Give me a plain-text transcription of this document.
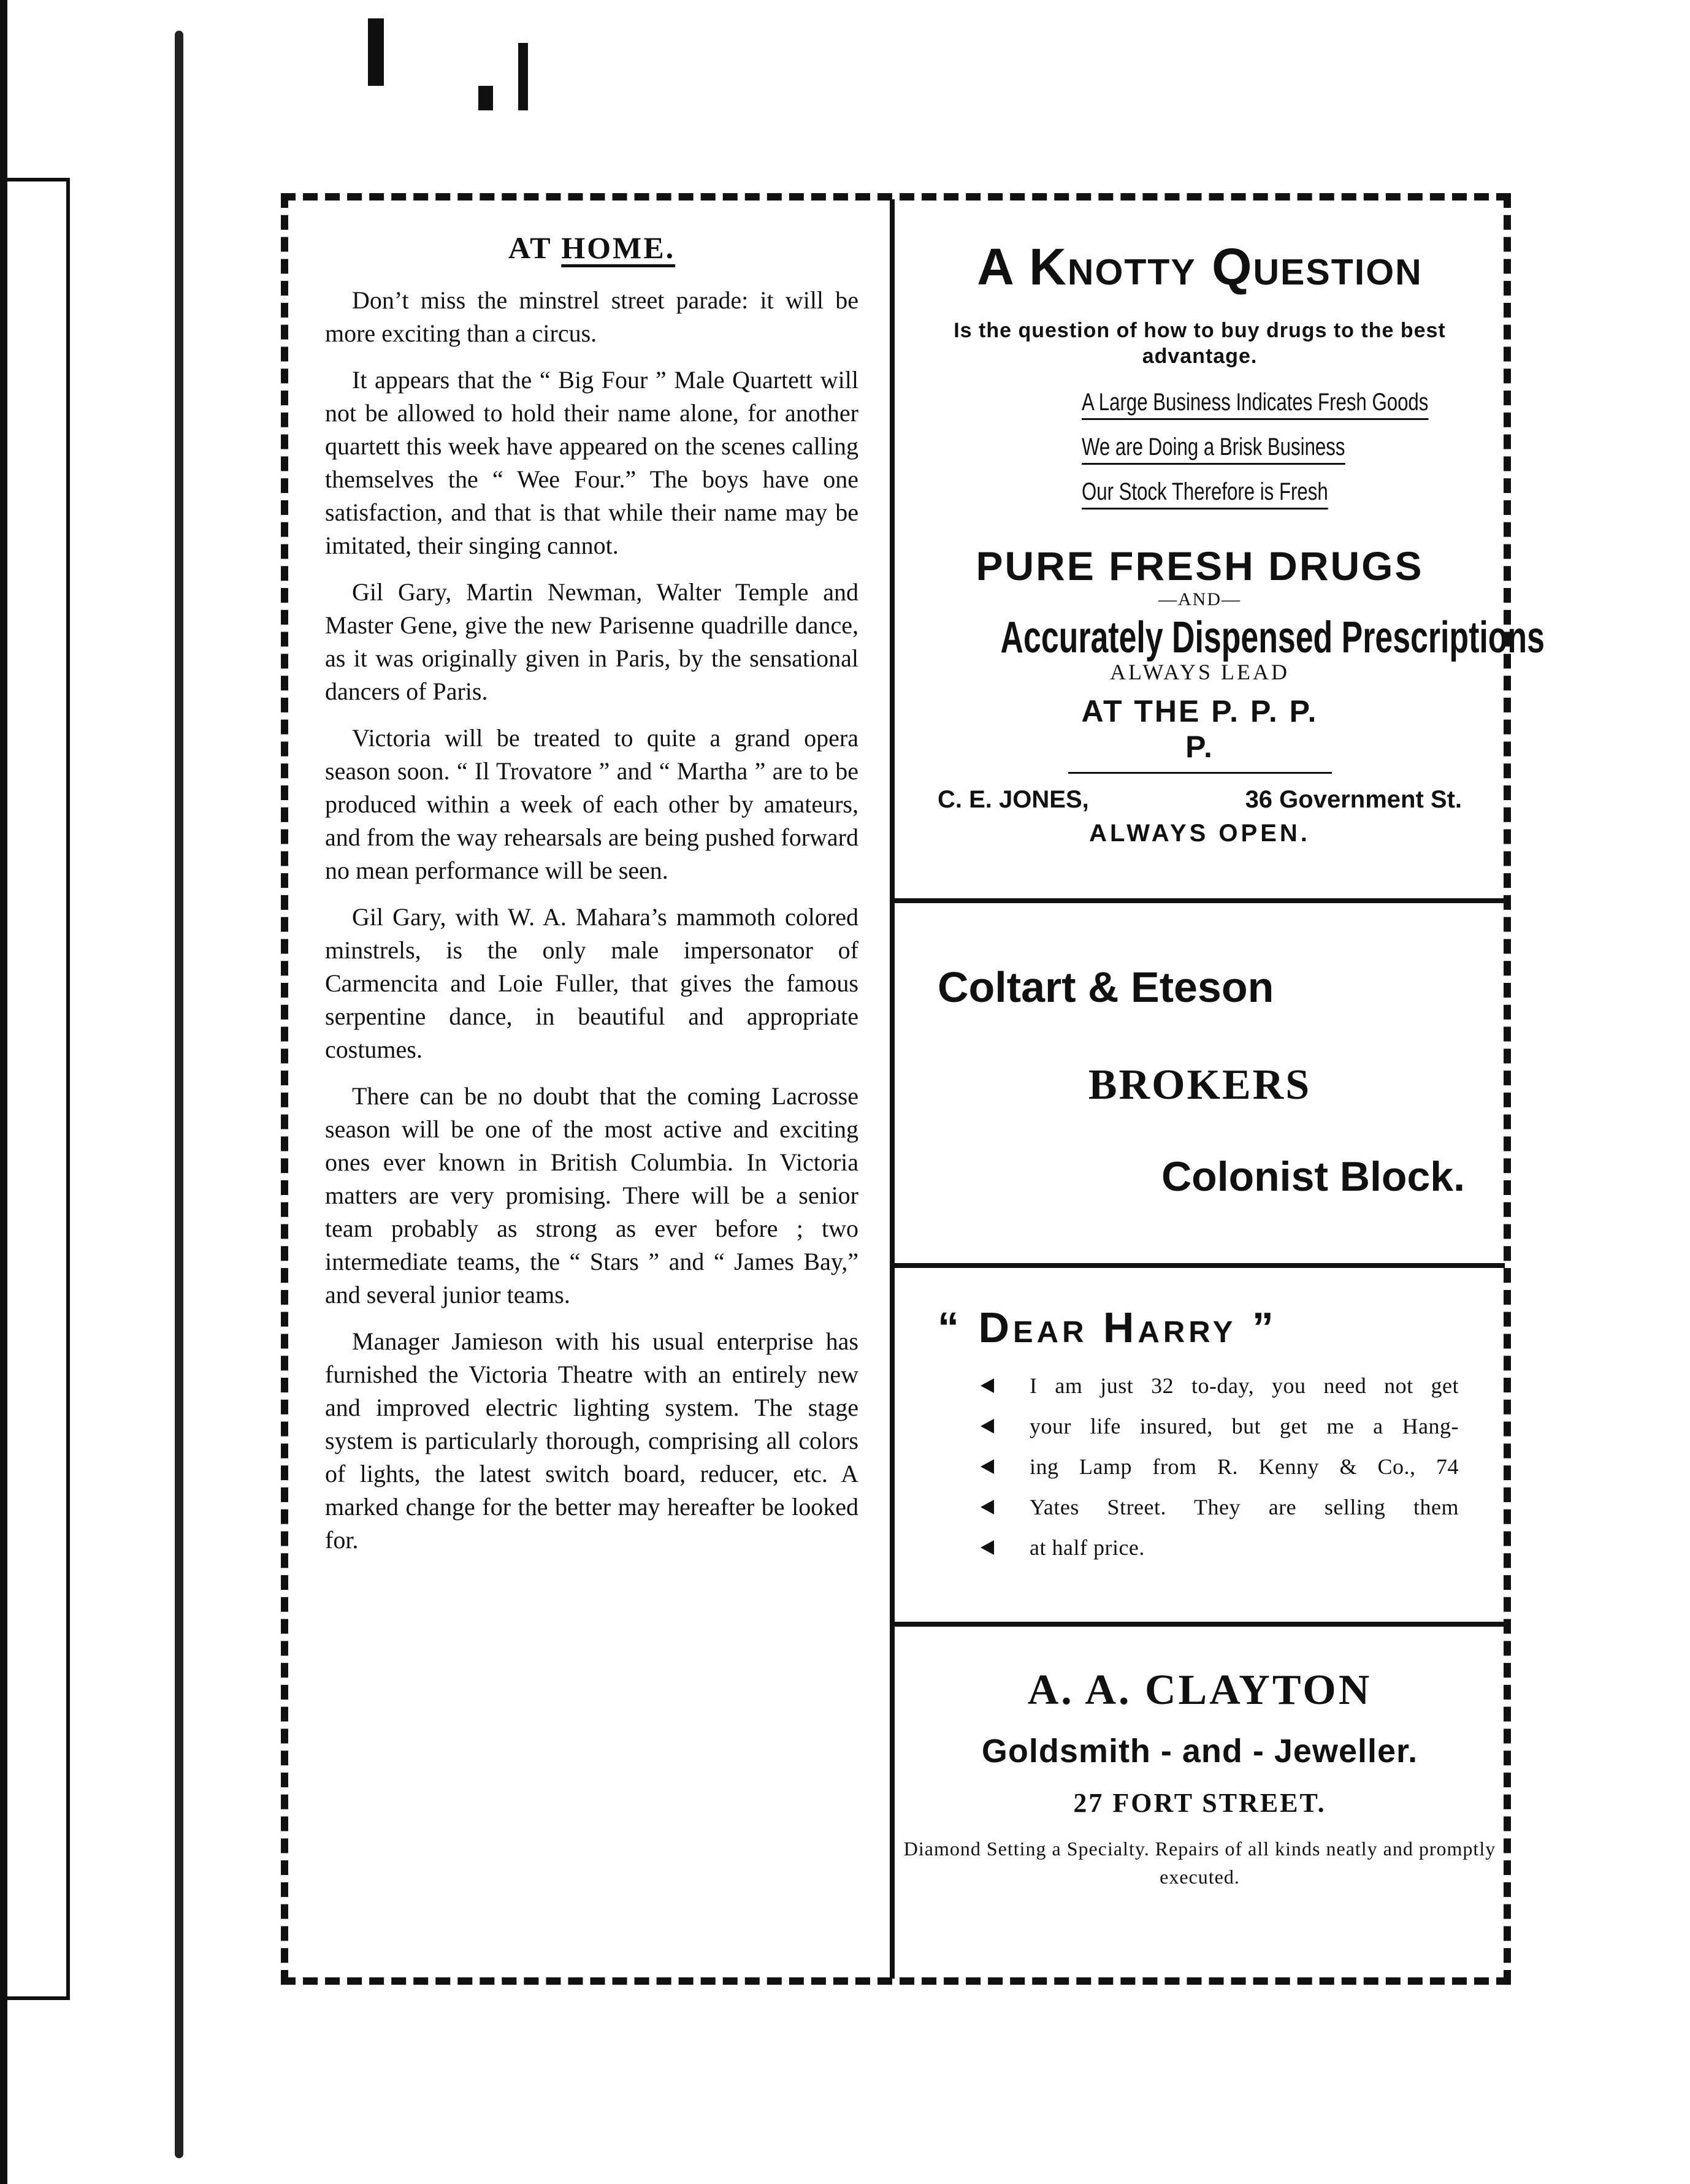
AT HOME.

Don’t miss the minstrel street parade: it will be more exciting than a circus.

It appears that the “ Big Four ” Male Quartett will not be allowed to hold their name alone, for another quartett this week have appeared on the scenes calling themselves the “ Wee Four.” The boys have one satisfaction, and that is that while their name may be imitated, their singing cannot.

Gil Gary, Martin Newman, Walter Temple and Master Gene, give the new Parisenne quadrille dance, as it was originally given in Paris, by the sensational dancers of Paris.

Victoria will be treated to quite a grand opera season soon. “ Il Trovatore ” and “ Martha ” are to be produced within a week of each other by amateurs, and from the way rehearsals are being pushed forward no mean performance will be seen.

Gil Gary, with W. A. Mahara’s mammoth colored minstrels, is the only male impersonator of Carmencita and Loie Fuller, that gives the famous serpentine dance, in beautiful and appropriate costumes.

There can be no doubt that the coming Lacrosse season will be one of the most active and exciting ones ever known in British Columbia. In Victoria matters are very promising. There will be a senior team probably as strong as ever before ; two intermediate teams, the “ Stars ” and “ James Bay,” and several junior teams.

Manager Jamieson with his usual enterprise has furnished the Victoria Theatre with an entirely new and improved electric lighting system. The stage system is particularly thorough, comprising all colors of lights, the latest switch board, reducer, etc. A marked change for the better may hereafter be looked for.

A Knotty Question
Is the question of how to buy drugs to the best advantage.
A Large Business Indicates Fresh Goods
We are Doing a Brisk Business
Our Stock Therefore is Fresh
PURE FRESH DRUGS
—AND—
Accurately Dispensed Prescriptions
ALWAYS LEAD
AT THE P. P. P. P.
C. E. JONES,	36 Government St.
ALWAYS OPEN.
Coltart & Eteson
BROKERS
Colonist Block.
“ Dear Harry ”
I am just 32 to-day, you need not get
your life insured, but get me a Hang-
ing Lamp from R. Kenny & Co., 74
Yates Street. They are selling them
at half price.
A. A. CLAYTON
Goldsmith - and - Jeweller.
27 FORT STREET.
Diamond Setting a Specialty. Repairs of all kinds neatly and promptly executed.
